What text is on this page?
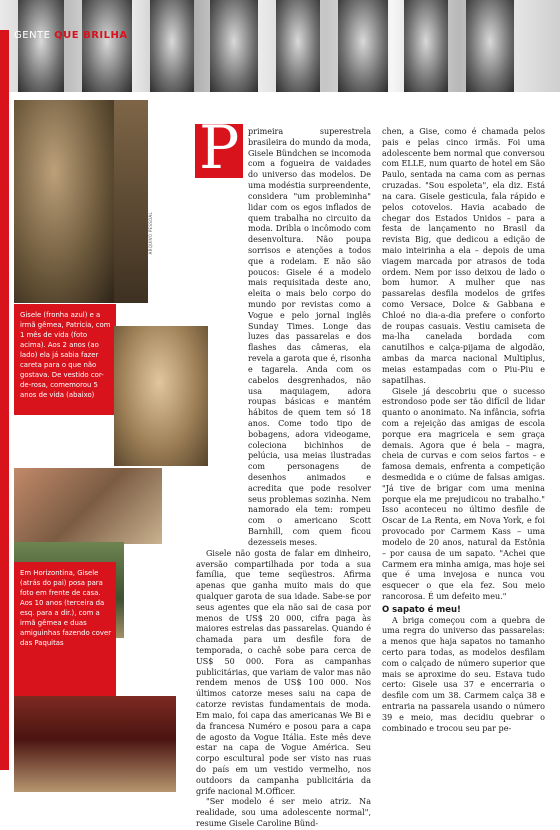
GENTE QUE BRILHA
ARQUIVO PESSOAL
Gisele (fronha azul) e a irmã gêmea, Patricia, com 1 mês de vida (foto acima). Aos 2 anos (ao lado) ela já sabia fazer careta para o que não gostava. De vestido cor-de-rosa, comemorou 5 anos de vida (abaixo)
Em Horizontina, Gisele (atrás do pai) posa para foto em frente de casa. Aos 10 anos (terceira da esq. para a dir.), com a irmã gêmea e duas amiguinhas fazendo cover das Paquitas
P primeira superestrela brasileira do mundo da moda, Gisele Bündchen se incomoda com a fogueira de vaidades do universo das modelos. De uma modéstia surpreendente, considera "um probleminha" lidar com os egos inflados de quem trabalha no circuito da moda. Dribla o incômodo com desenvoltura. Não poupa sorrisos e atenções a todos que a rodeiam. E não são poucos: Gisele é a modelo mais requisitada deste ano, eleita o mais belo corpo do mundo por revistas como a Vogue e pelo jornal inglês Sunday Times. Longe das luzes das passarelas e dos flashes das câmeras, ela revela a garota que é, risonha e tagarela. Anda com os cabelos desgrenhados, não usa maquiagem, adora roupas básicas e mantém hábitos de quem tem só 18 anos. Come todo tipo de bobagens, adora videogame, coleciona bichinhos de pelúcia, usa meias ilustradas com personagens de desenhos animados e acredita que pode resolver seus problemas sozinha. Nem namorado ela tem: rompeu com o americano Scott Barnhill, com quem ficou dezesseis meses.

Gisele não gosta de falar em dinheiro, aversão compartilhada por toda a sua família, que teme seqüestros. Afirma apenas que ganha muito mais do que qualquer garota de sua idade. Sabe-se por seus agentes que ela não sai de casa por menos de US$ 20 000, cifra paga às maiores estrelas das passarelas. Quando é chamada para um desfile fora de temporada, o cachê sobe para cerca de US$ 50 000. Fora as campanhas publicitárias, que variam de valor mas não rendem menos de US$ 100 000. Nos últimos catorze meses saiu na capa de catorze revistas fundamentais de moda. Em maio, foi capa das americanas We Bi e da francesa Numéro e posou para a capa de agosto da Vogue Itália. Este mês deve estar na capa de Vogue América. Seu corpo escultural pode ser visto nas ruas do país em um vestido vermelho, nos outdoors da campanha publicitária da grife nacional M.Officer.

"Ser modelo é ser meio atriz. Na realidade, sou uma adolescente normal", resume Gisele Caroline Bünd-

chen, a Gise, como é chamada pelos pais e pelas cinco irmãs. Foi uma adolescente bem normal que conversou com ELLE, num quarto de hotel em São Paulo, sentada na cama com as pernas cruzadas. "Sou espoleta", ela diz. Está na cara. Gisele gesticula, fala rápido e pelos cotovelos. Havia acabado de chegar dos Estados Unidos – para a festa de lançamento no Brasil da revista Big, que dedicou a edição de maio inteirinha a ela – depois de uma viagem marcada por atrasos de toda ordem. Nem por isso deixou de lado o bom humor. A mulher que nas passarelas desfila modelos de grifes como Versace, Dolce & Gabbana e Chloé no dia-a-dia prefere o conforto de roupas casuais. Vestiu camiseta de ma-lha canelada bordada com canutilhos e calça-pijama de algodão, ambas da marca nacional Multiplus, meias estampadas com o Piu-Piu e sapatilhas.

Gisele já descobriu que o sucesso estrondoso pode ser tão difícil de lidar quanto o anonimato. Na infância, sofria com a rejeição das amigas de escola porque era magricela e sem graça demais. Agora que é bela – magra, cheia de curvas e com seios fartos – e famosa demais, enfrenta a competição desmedida e o ciúme de falsas amigas. "Já tive de brigar com uma menina porque ela me prejudicou no trabalho." Isso aconteceu no último desfile de Oscar de La Renta, em Nova York, e foi provocado por Carmem Kass – uma modelo de 20 anos, natural da Estônia – por causa de um sapato. "Achei que Carmem era minha amiga, mas hoje sei que é uma invejosa e nunca vou esquecer o que ela fez. Sou meio rancorosa. É um defeito meu."

O sapato é meu!

A briga começou com a quebra de uma regra do universo das passarelas: a menos que haja sapatos no tamanho certo para todas, as modelos desfilam com o calçado de número superior que mais se aproxime do seu. Estava tudo certo: Gisele usa 37 e encerraria o desfile com um 38. Carmem calça 38 e entraria na passarela usando o número 39 e meio, mas decidiu quebrar o combinado e trocou seu par pe-
